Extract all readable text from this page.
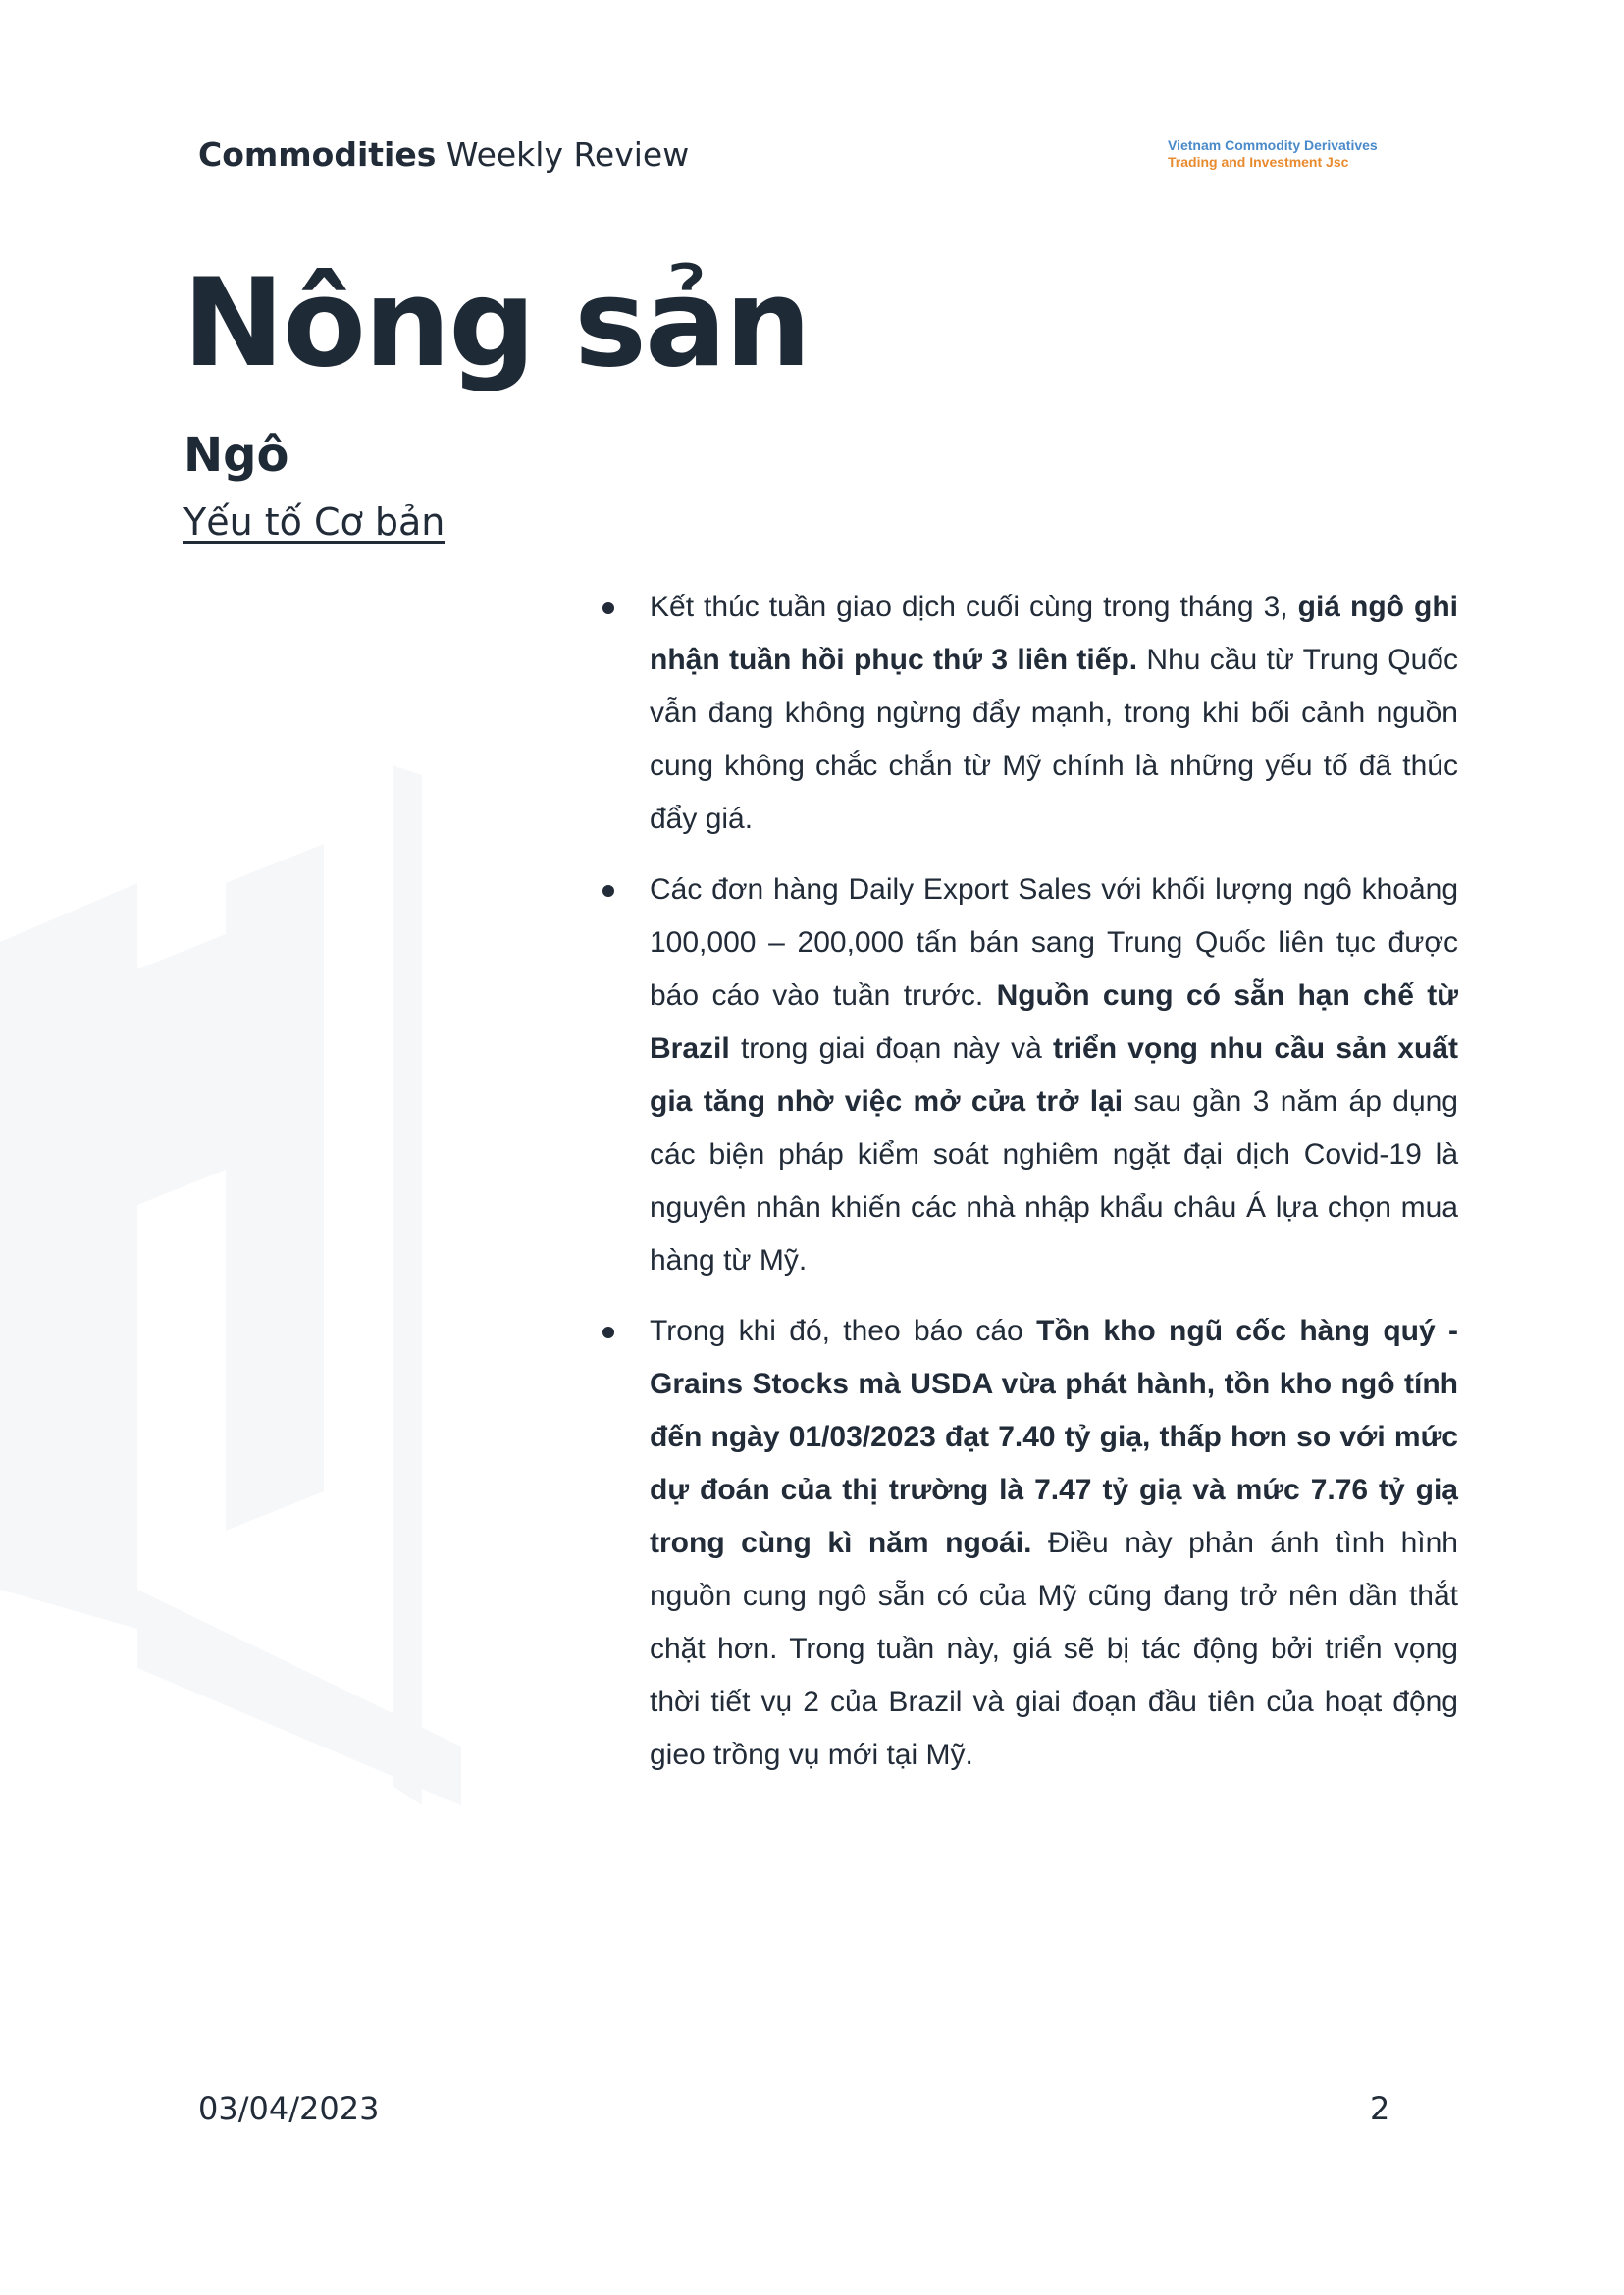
Commodities Weekly Review	Vietnam Commodity Derivatives
Trading and Investment Jsc
Nông sản
Ngô
Yếu tố Cơ bản
Kết thúc tuần giao dịch cuối cùng trong tháng 3, giá ngô ghi nhận tuần hồi phục thứ 3 liên tiếp. Nhu cầu từ Trung Quốc vẫn đang không ngừng đẩy mạnh, trong khi bối cảnh nguồn cung không chắc chắn từ Mỹ chính là những yếu tố đã thúc đẩy giá.
Các đơn hàng Daily Export Sales với khối lượng ngô khoảng 100,000 – 200,000 tấn bán sang Trung Quốc liên tục được báo cáo vào tuần trước. Nguồn cung có sẵn hạn chế từ Brazil trong giai đoạn này và triển vọng nhu cầu sản xuất gia tăng nhờ việc mở cửa trở lại sau gần 3 năm áp dụng các biện pháp kiểm soát nghiêm ngặt đại dịch Covid-19 là nguyên nhân khiến các nhà nhập khẩu châu Á lựa chọn mua hàng từ Mỹ.
Trong khi đó, theo báo cáo Tồn kho ngũ cốc hàng quý - Grains Stocks mà USDA vừa phát hành, tồn kho ngô tính đến ngày 01/03/2023 đạt 7.40 tỷ giạ, thấp hơn so với mức dự đoán của thị trường là 7.47 tỷ giạ và mức 7.76 tỷ giạ trong cùng kì năm ngoái. Điều này phản ánh tình hình nguồn cung ngô sẵn có của Mỹ cũng đang trở nên dần thắt chặt hơn. Trong tuần này, giá sẽ bị tác động bởi triển vọng thời tiết vụ 2 của Brazil và giai đoạn đầu tiên của hoạt động gieo trồng vụ mới tại Mỹ.
03/04/2023	2
